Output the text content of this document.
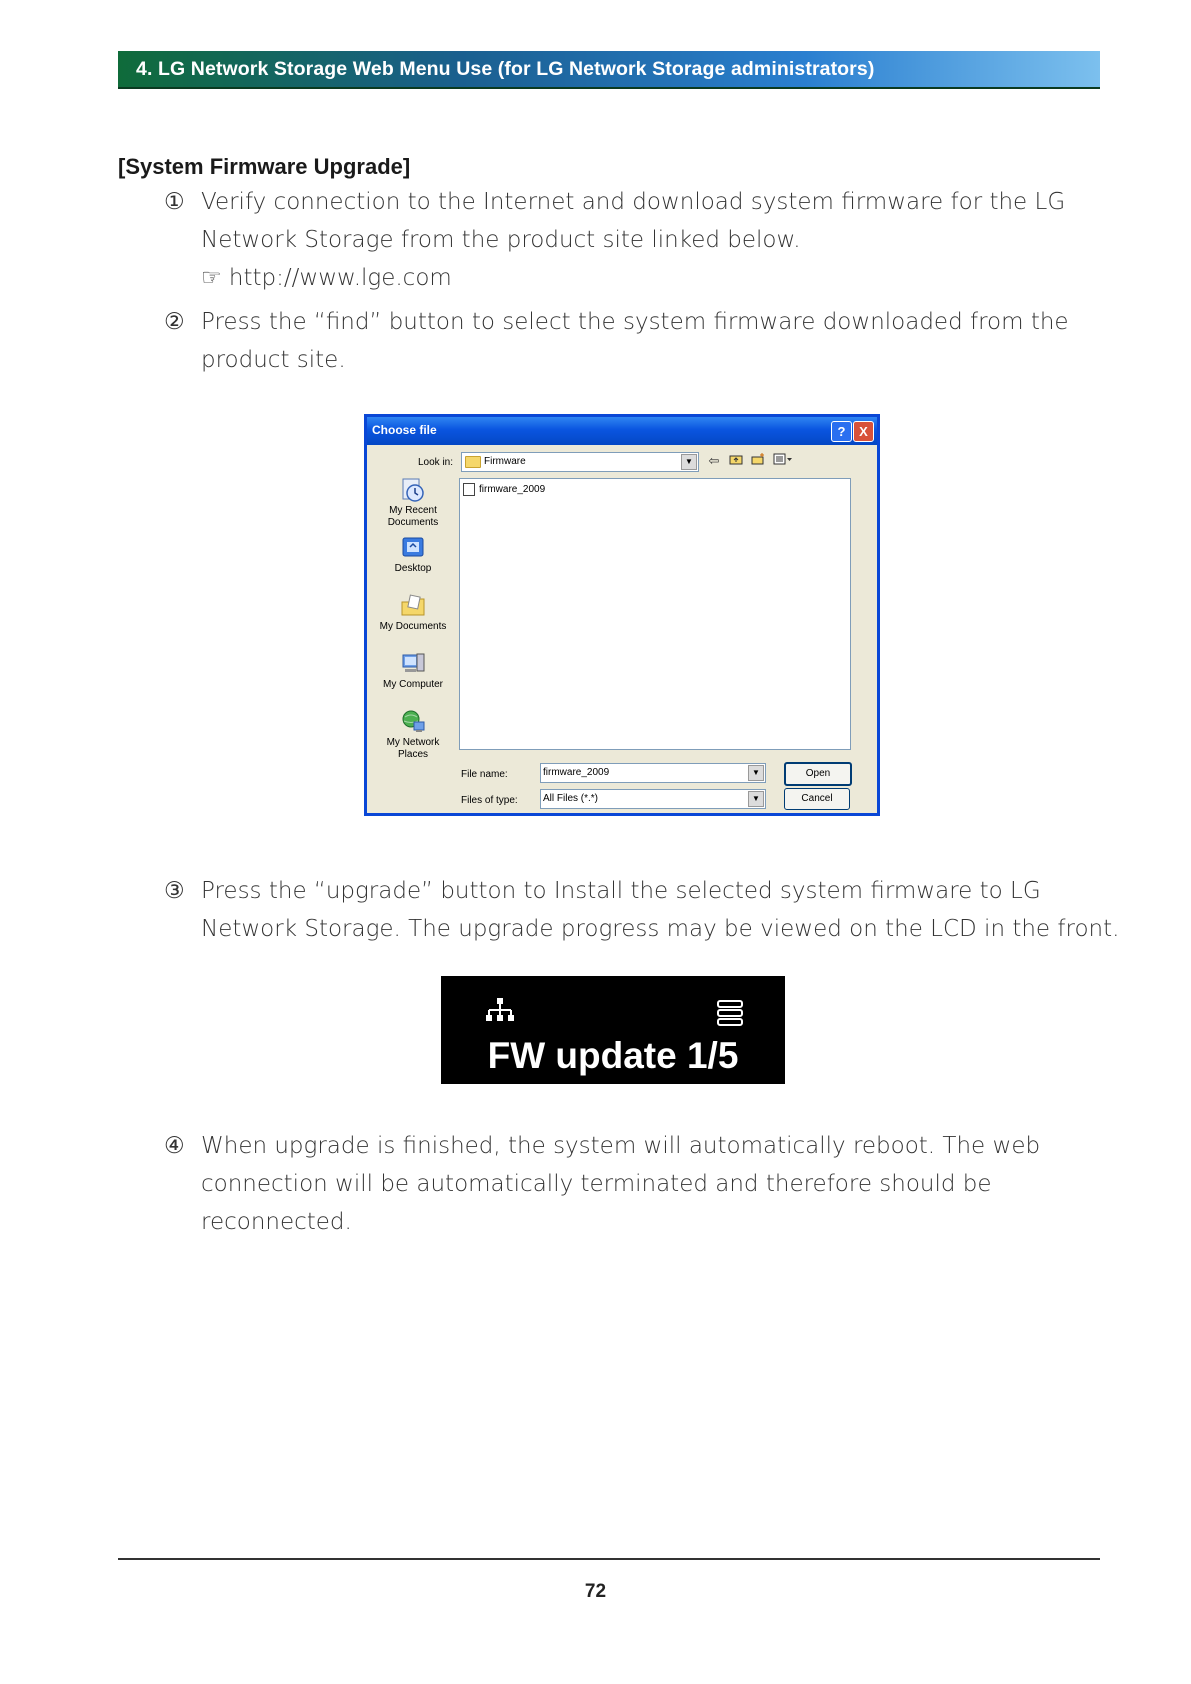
4. LG Network Storage Web Menu Use (for LG Network Storage administrators)
[System Firmware Upgrade]
① Verify connection to the Internet and download system firmware for the LG
Network Storage from the product site linked below.
☞ http://www.lge.com
② Press the “find” button to select the system firmware downloaded from the
product site.
Choose file	?	X
Look in:	Firmware	▼	⇦
My Recent
Documents
Desktop
My Documents
My Computer
My Network
Places
firmware_2009
File name:	firmware_2009	▼
Files of type:	All Files (*.*)	▼
Open
Cancel
③ Press the “upgrade” button to Install the selected system firmware to LG
Network Storage. The upgrade progress may be viewed on the LCD in the front.
FW update 1/5
④ When upgrade is finished, the system will automatically reboot. The web
connection will be automatically terminated and therefore should be
reconnected.
72
